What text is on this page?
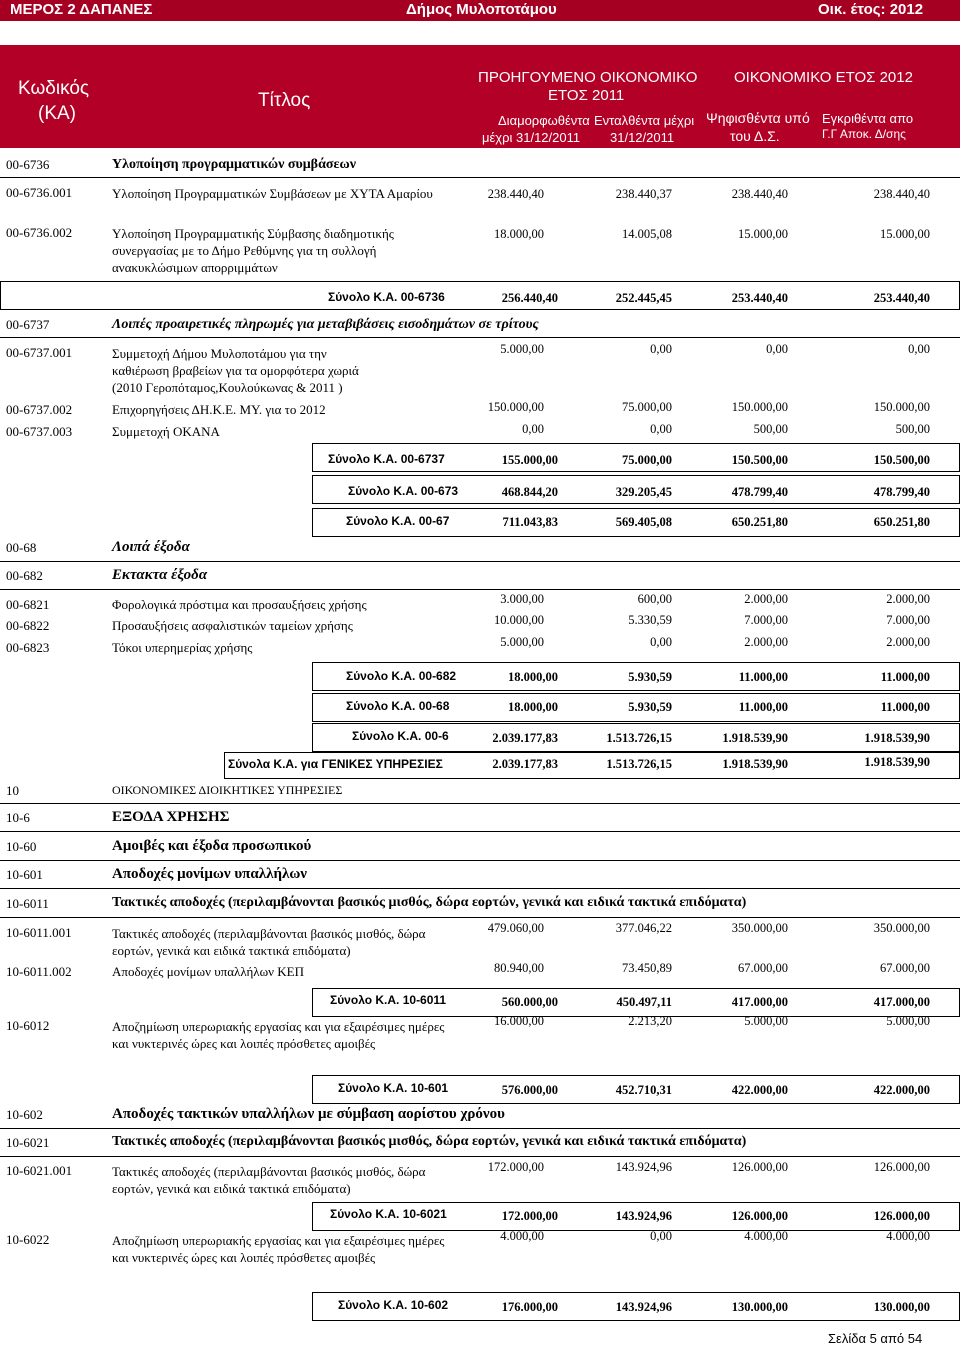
ΜΕΡΟΣ 2 ΔΑΠΑΝΕΣ	Δήμος Μυλοποτάμου	Οικ. έτος: 2012
Κωδικός
(ΚΑ)
Τίτλος
ΠΡΟΗΓΟΥΜΕΝΟ ΟΙΚΟΝΟΜΙΚΟ
ΕΤΟΣ 2011
ΟΙΚΟΝΟΜΙΚΟ ΕΤΟΣ 2012
Διαμορφωθέντα
μέχρι 31/12/2011
Ενταλθέντα μέχρι
31/12/2011
Ψηφισθέντα υπό
του Δ.Σ.
Εγκριθέντα απο
Γ.Γ Αποκ. Δ/σης
00-6736	Υλοποίηση προγραμματικών συμβάσεων
00-6736.001	Υλοποίηση Προγραμματικών Συμβάσεων με ΧΥΤΑ Αμαρίου	238.440,40	238.440,37	238.440,40	238.440,40
00-6736.002	Υλοποίηση Προγραμματικής Σύμβασης διαδημοτικής συνεργασίας με το Δήμο Ρεθύμνης για τη συλλογή ανακυκλώσιμων απορριμμάτων
18.000,00	14.005,08	15.000,00	15.000,00
Σύνολο Κ.Α. 00-6736	256.440,40	252.445,45	253.440,40	253.440,40
00-6737	Λοιπές προαιρετικές πληρωμές για μεταβιβάσεις εισοδημάτων σε τρίτους
00-6737.001	Συμμετοχή Δήμου Μυλοποτάμου για την καθιέρωση βραβείων για τα ομορφότερα χωριά (2010 Γεροπόταμος,Κουλούκωνας & 2011 )
5.000,00	0,00	0,00	0,00
00-6737.002	Επιχορηγήσεις ΔΗ.Κ.Ε. ΜΥ. για το 2012	150.000,00	75.000,00	150.000,00	150.000,00
00-6737.003	Συμμετοχή ΟΚΑΝΑ	0,00	0,00	500,00	500,00
Σύνολο Κ.Α. 00-6737	155.000,00	75.000,00	150.500,00	150.500,00
Σύνολο Κ.Α. 00-673	468.844,20	329.205,45	478.799,40	478.799,40
Σύνολο Κ.Α. 00-67	711.043,83	569.405,08	650.251,80	650.251,80
00-68	Λοιπά έξοδα
00-682	Εκτακτα έξοδα
00-6821	Φορολογικά πρόστιμα και προσαυξήσεις χρήσης	3.000,00	600,00	2.000,00	2.000,00
00-6822	Προσαυξήσεις ασφαλιστικών ταμείων χρήσης	10.000,00	5.330,59	7.000,00	7.000,00
00-6823	Τόκοι υπερημερίας χρήσης	5.000,00	0,00	2.000,00	2.000,00
Σύνολο Κ.Α. 00-682	18.000,00	5.930,59	11.000,00	11.000,00
Σύνολο Κ.Α. 00-68	18.000,00	5.930,59	11.000,00	11.000,00
Σύνολο Κ.Α. 00-6	2.039.177,83	1.513.726,15	1.918.539,90	1.918.539,90
Σύνολα Κ.Α. για ΓΕΝΙΚΕΣ ΥΠΗΡΕΣΙΕΣ	2.039.177,83	1.513.726,15	1.918.539,90	1.918.539,90
10	ΟΙΚΟΝΟΜΙΚΕΣ ΔΙΟΙΚΗΤΙΚΕΣ ΥΠΗΡΕΣΙΕΣ
10-6	ΕΞΟΔΑ ΧΡΗΣΗΣ
10-60	Αμοιβές και έξοδα προσωπικού
10-601	Αποδοχές μονίμων υπαλλήλων
10-6011	Τακτικές αποδοχές (περιλαμβάνονται βασικός μισθός, δώρα εορτών, γενικά και ειδικά τακτικά επιδόματα)
10-6011.001	Τακτικές αποδοχές (περιλαμβάνονται βασικός μισθός, δώρα εορτών, γενικά και ειδικά τακτικά επιδόματα)
479.060,00	377.046,22	350.000,00	350.000,00
10-6011.002	Αποδοχές μονίμων υπαλλήλων ΚΕΠ	80.940,00	73.450,89	67.000,00	67.000,00
Σύνολο Κ.Α. 10-6011	560.000,00	450.497,11	417.000,00	417.000,00
10-6012	Αποζημίωση υπερωριακής εργασίας και για εξαιρέσιμες ημέρες και νυκτερινές ώρες και λοιπές πρόσθετες αμοιβές
16.000,00	2.213,20	5.000,00	5.000,00
Σύνολο Κ.Α. 10-601	576.000,00	452.710,31	422.000,00	422.000,00
10-602	Αποδοχές τακτικών υπαλλήλων με σύμβαση αορίστου χρόνου
10-6021	Τακτικές αποδοχές (περιλαμβάνονται βασικός μισθός, δώρα εορτών, γενικά και ειδικά τακτικά επιδόματα)
10-6021.001	Τακτικές αποδοχές (περιλαμβάνονται βασικός μισθός, δώρα εορτών, γενικά και ειδικά τακτικά επιδόματα)
172.000,00	143.924,96	126.000,00	126.000,00
Σύνολο Κ.Α. 10-6021	172.000,00	143.924,96	126.000,00	126.000,00
10-6022	Αποζημίωση υπερωριακής εργασίας και για εξαιρέσιμες ημέρες και νυκτερινές ώρες και λοιπές πρόσθετες αμοιβές
4.000,00	0,00	4.000,00	4.000,00
Σύνολο Κ.Α. 10-602	176.000,00	143.924,96	130.000,00	130.000,00
Σελίδα 5 από 54
